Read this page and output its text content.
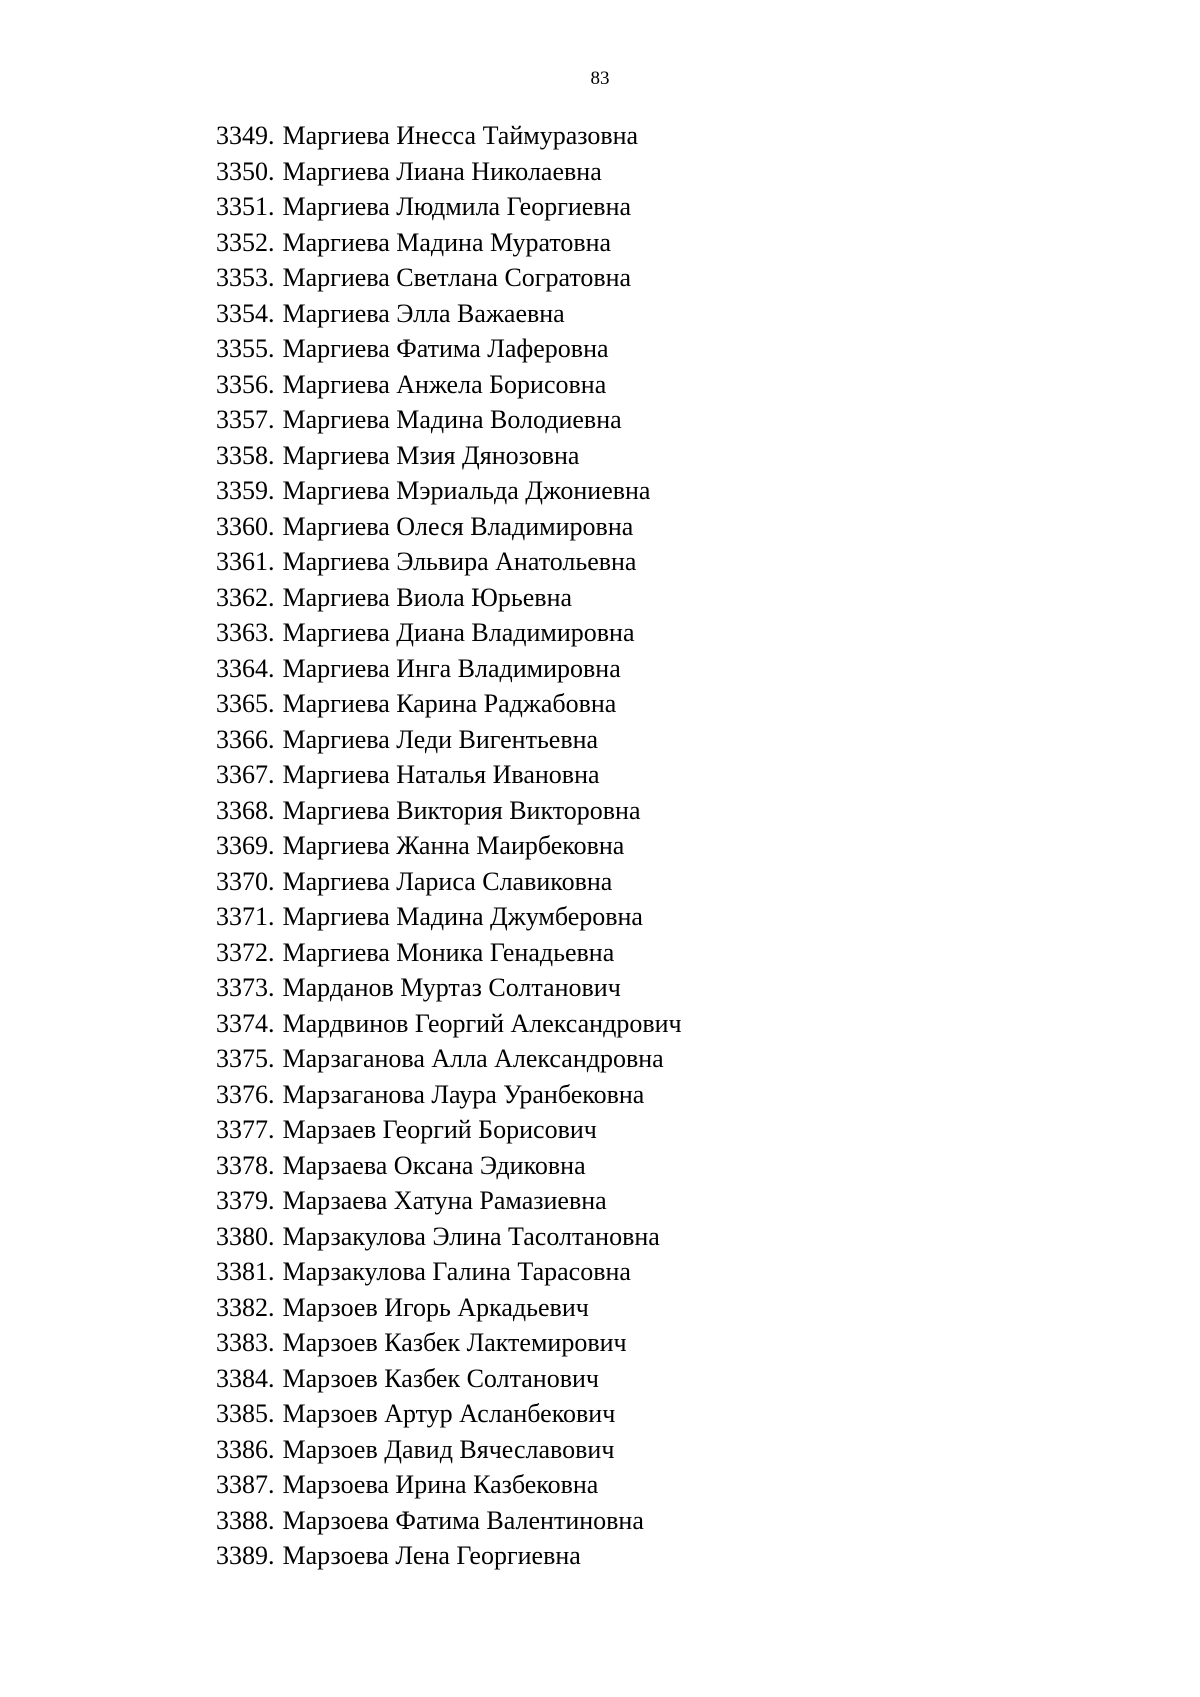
83
3349. Маргиева Инесса Таймуразовна
3350. Маргиева Лиана Николаевна
3351. Маргиева Людмила Георгиевна
3352. Маргиева Мадина Муратовна
3353. Маргиева Светлана Согратовна
3354. Маргиева Элла Важаевна
3355. Маргиева Фатима Лаферовна
3356. Маргиева Анжела Борисовна
3357. Маргиева Мадина Володиевна
3358. Маргиева Мзия Дянозовна
3359. Маргиева Мэриальда Джониевна
3360. Маргиева Олеся Владимировна
3361. Маргиева Эльвира Анатольевна
3362. Маргиева Виола Юрьевна
3363. Маргиева Диана Владимировна
3364. Маргиева Инга Владимировна
3365. Маргиева Карина Раджабовна
3366. Маргиева Леди Вигентьевна
3367. Маргиева Наталья Ивановна
3368. Маргиева Виктория Викторовна
3369. Маргиева Жанна Маирбековна
3370. Маргиева Лариса Славиковна
3371. Маргиева Мадина Джумберовна
3372. Маргиева Моника Генадьевна
3373. Марданов Муртаз Солтанович
3374. Мардвинов Георгий Александрович
3375. Марзаганова Алла Александровна
3376. Марзаганова Лаура Уранбековна
3377. Марзаев Георгий Борисович
3378. Марзаева Оксана Эдиковна
3379. Марзаева Хатуна Рамазиевна
3380. Марзакулова Элина Тасолтановна
3381. Марзакулова Галина Тарасовна
3382. Марзоев Игорь Аркадьевич
3383. Марзоев Казбек Лактемирович
3384. Марзоев Казбек Солтанович
3385. Марзоев Артур Асланбекович
3386. Марзоев Давид Вячеславович
3387. Марзоева Ирина Казбековна
3388. Марзоева Фатима Валентиновна
3389. Марзоева Лена Георгиевна
